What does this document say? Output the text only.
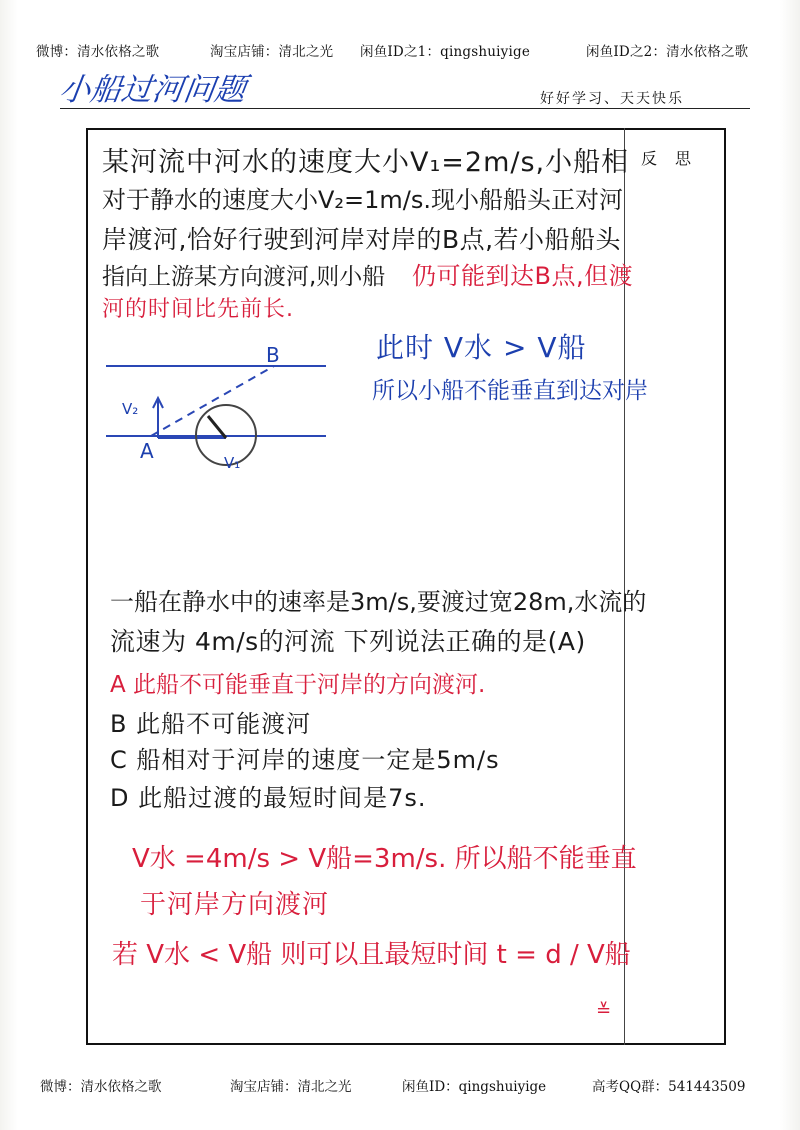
微博：清水依格之歌	淘宝店铺：清北之光 闲鱼ID之1：qingshuiyige	闲鱼ID之2：清水依格之歌
小船过河问题	好好学习、天天快乐
反思
某河流中河水的速度大小V₁=2m/s,小船相
对于静水的速度大小V₂=1m/s.现小船船头正对河
岸渡河,恰好行驶到河岸对岸的B点,若小船船头
指向上游某方向渡河,则小船 仍可能到达B点,但渡
河的时间比先前长.
此时 V水 > V船
所以小船不能垂直到达对岸
B
A
V₂
V₁
一船在静水中的速率是3m/s,要渡过宽28m,水流的
流速为 4m/s的河流 下列说法正确的是(A)
A 此船不可能垂直于河岸的方向渡河.
B 此船不可能渡河
C 船相对于河岸的速度一定是5m/s
D 此船过渡的最短时间是7s.
V水 =4m/s > V船=3m/s. 所以船不能垂直
于河岸方向渡河
若 V水 < V船 则可以且最短时间 t = d / V船
≚
微博：清水依格之歌	淘宝店铺：清北之光	闲鱼ID：qingshuiyige	高考QQ群：541443509
